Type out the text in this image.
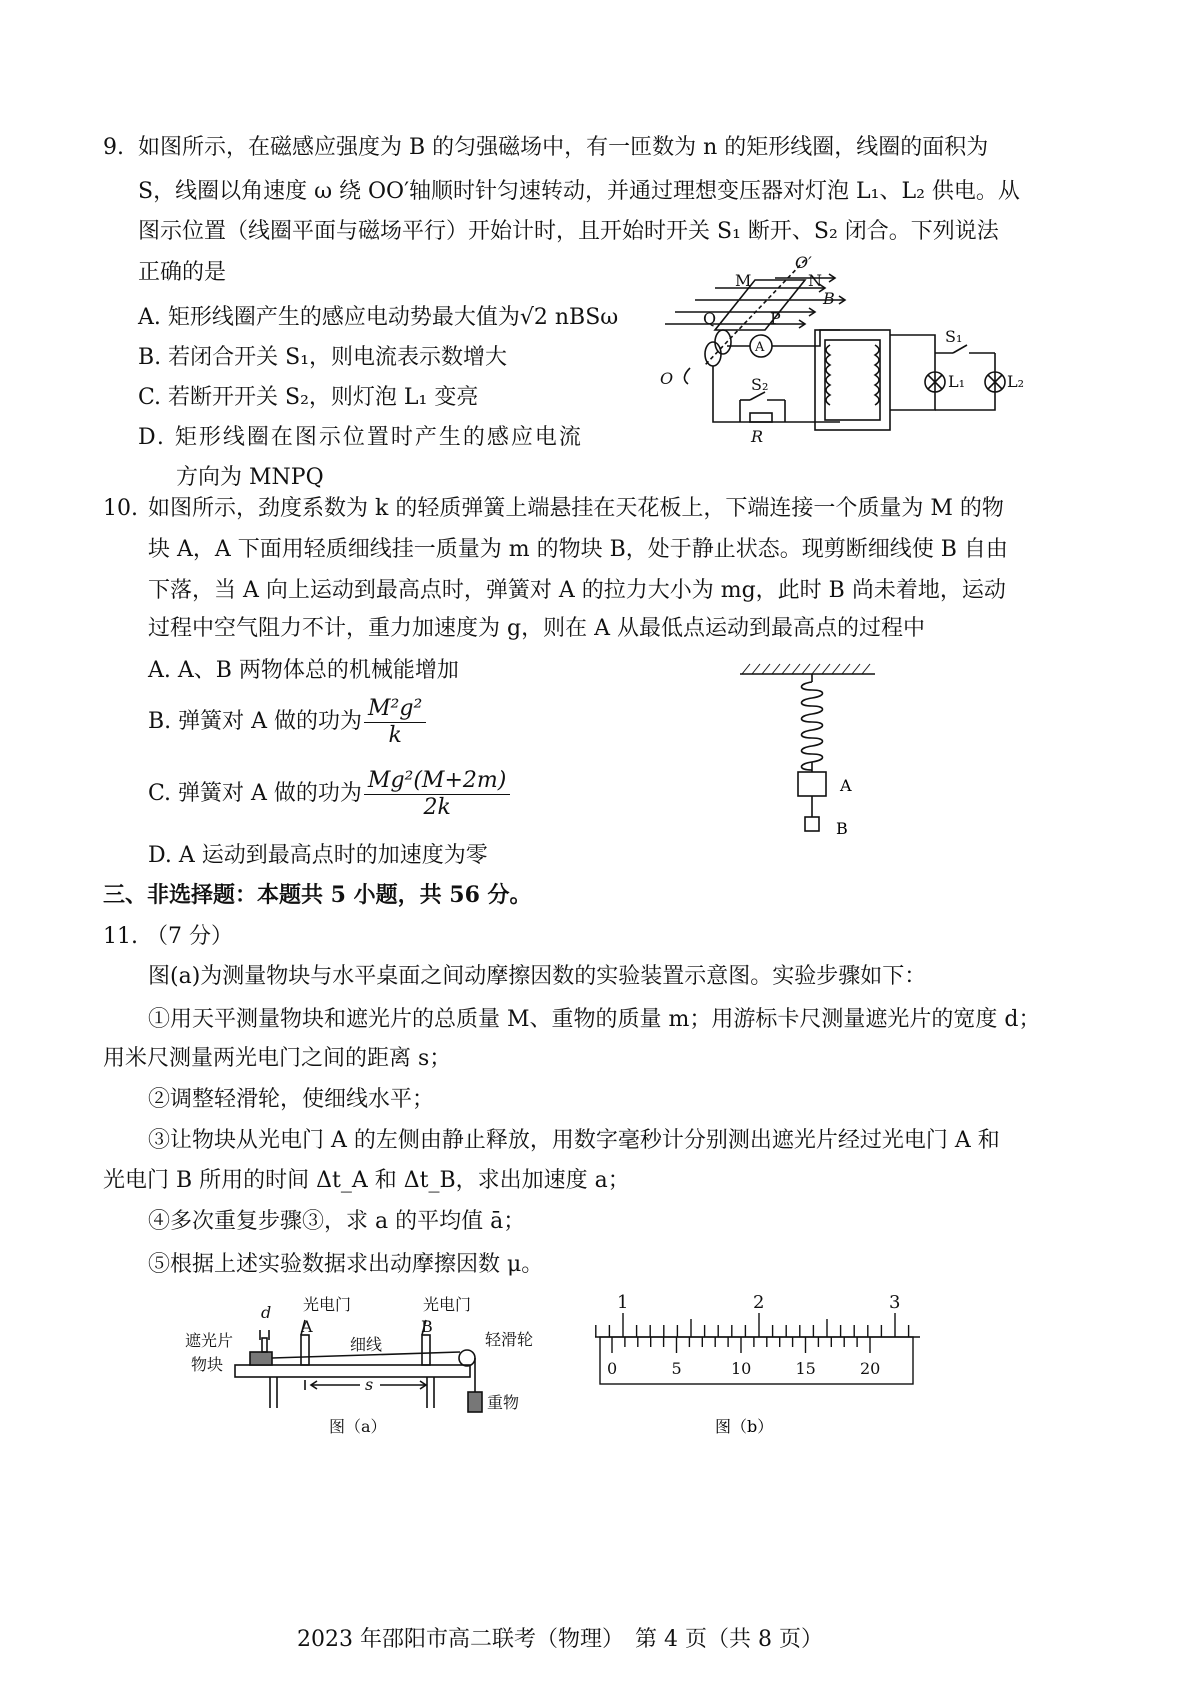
9. 如图所示，在磁感应强度为 B 的匀强磁场中，有一匝数为 n 的矩形线圈，线圈的面积为
S，线圈以角速度 ω 绕 OO′轴顺时针匀速转动，并通过理想变压器对灯泡 L₁、L₂ 供电。从
图示位置（线圈平面与磁场平行）开始计时，且开始时开关 S₁ 断开、S₂ 闭合。下列说法
正确的是
A. 矩形线圈产生的感应电动势最大值为√2 nBSω
B. 若闭合开关 S₁，则电流表示数增大
C. 若断开开关 S₂，则灯泡 L₁ 变亮
D. 矩形线圈在图示位置时产生的感应电流
方向为 MNPQ
O′
M	N
B
Q	P
O
A
S₁
S₂
R
L₁	L₂
10. 如图所示，劲度系数为 k 的轻质弹簧上端悬挂在天花板上，下端连接一个质量为 M 的物
块 A，A 下面用轻质细线挂一质量为 m 的物块 B，处于静止状态。现剪断细线使 B 自由
下落，当 A 向上运动到最高点时，弹簧对 A 的拉力大小为 mg，此时 B 尚未着地，运动
过程中空气阻力不计，重力加速度为 g，则在 A 从最低点运动到最高点的过程中
A. A、B 两物体总的机械能增加
B. 弹簧对 A 做的功为 $\frac{\text{M²g²}}{k}$
C. 弹簧对 A 做的功为 $\frac{\text{Mg²(M+2m)}}{2k}$
D. A 运动到最高点时的加速度为零
A
B
三、非选择题：本题共 5 小题，共 56 分。
11. （7 分）
图(a)为测量物块与水平桌面之间动摩擦因数的实验装置示意图。实验步骤如下：
①用天平测量物块和遮光片的总质量 M、重物的质量 m；用游标卡尺测量遮光片的宽度 d；
用米尺测量两光电门之间的距离 s；
②调整轻滑轮，使细线水平；
③让物块从光电门 A 的左侧由静止释放，用数字毫秒计分别测出遮光片经过光电门 A 和
光电门 B 所用的时间 Δt_A 和 Δt_B，求出加速度 a；
④多次重复步骤③，求 a 的平均值 ā；
⑤根据上述实验数据求出动摩擦因数 μ。
d 光电门	光电门
A	B
细线	轻滑轮
遮光片
物块
s
重物
图（a）
1	2	3
0	5	10	15	20
图（b）
2023 年邵阳市高二联考（物理）　第 4 页（共 8 页）
